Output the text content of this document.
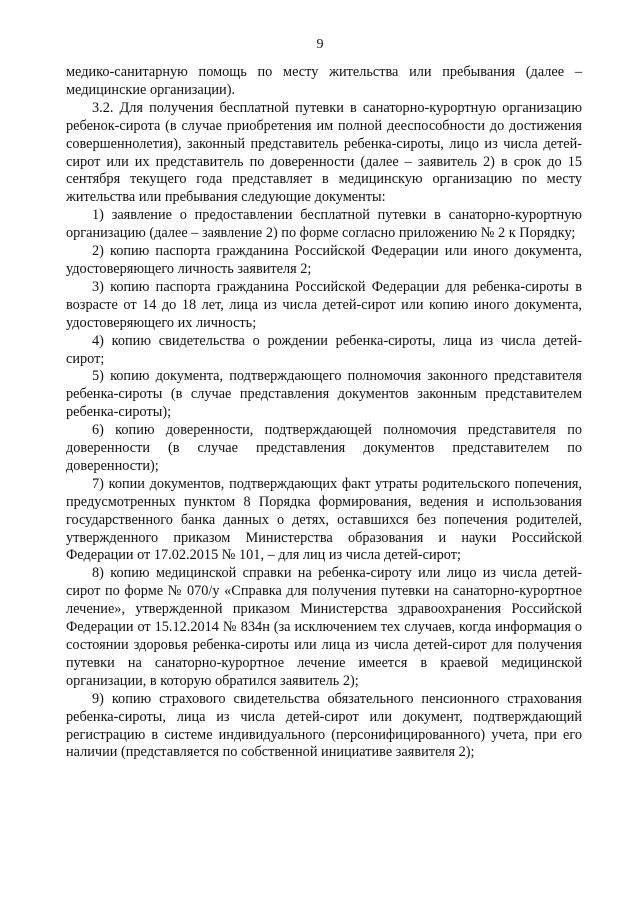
9

медико-санитарную помощь по месту жительства или пребывания (далее – медицинские организации).

3.2. Для получения бесплатной путевки в санаторно-курортную организацию ребенок-сирота (в случае приобретения им полной дееспособности до достижения совершеннолетия), законный представитель ребенка-сироты, лицо из числа детей-сирот или их представитель по доверенности (далее – заявитель 2) в срок до 15 сентября текущего года представляет в медицинскую организацию по месту жительства или пребывания следующие документы:

1) заявление о предоставлении бесплатной путевки в санаторно-курортную организацию (далее – заявление 2) по форме согласно приложению № 2 к Порядку;

2) копию паспорта гражданина Российской Федерации или иного документа, удостоверяющего личность заявителя 2;

3) копию паспорта гражданина Российской Федерации для ребенка-сироты в возрасте от 14 до 18 лет, лица из числа детей-сирот или копию иного документа, удостоверяющего их личность;

4) копию свидетельства о рождении ребенка-сироты, лица из числа детей-сирот;

5) копию документа, подтверждающего полномочия законного представителя ребенка-сироты (в случае представления документов законным представителем ребенка-сироты);

6) копию доверенности, подтверждающей полномочия представителя по доверенности (в случае представления документов представителем по доверенности);

7) копии документов, подтверждающих факт утраты родительского попечения, предусмотренных пунктом 8 Порядка формирования, ведения и использования государственного банка данных о детях, оставшихся без попечения родителей, утвержденного приказом Министерства образования и науки Российской Федерации от 17.02.2015 № 101, – для лиц из числа детей-сирот;

8) копию медицинской справки на ребенка-сироту или лицо из числа детей-сирот по форме № 070/у «Справка для получения путевки на санаторно-курортное лечение», утвержденной приказом Министерства здравоохранения Российской Федерации от 15.12.2014 № 834н (за исключением тех случаев, когда информация о состоянии здоровья ребенка-сироты или лица из числа детей-сирот для получения путевки на санаторно-курортное лечение имеется в краевой медицинской организации, в которую обратился заявитель 2);

9) копию страхового свидетельства обязательного пенсионного страхования ребенка-сироты, лица из числа детей-сирот или документ, подтверждающий регистрацию в системе индивидуального (персонифицированного) учета, при его наличии (представляется по собственной инициативе заявителя 2);
